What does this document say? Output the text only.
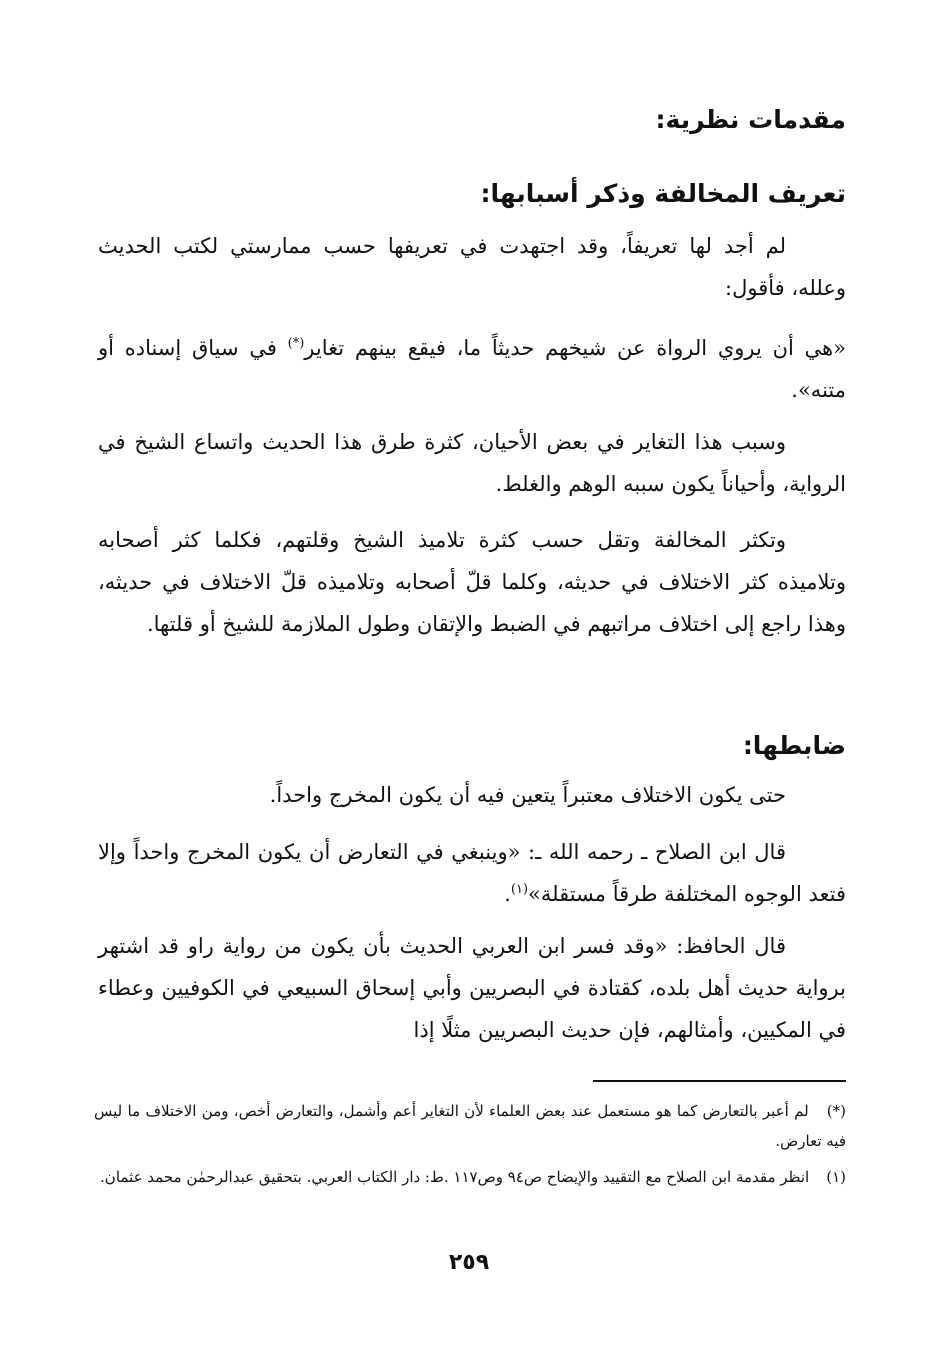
مقدمات نظرية:
تعريف المخالفة وذكر أسبابها:

لم أجد لها تعريفاً، وقد اجتهدت في تعريفها حسب ممارستي لكتب الحديث وعلله، فأقول:

«هي أن يروي الرواة عن شيخهم حديثاً ما، فيقع بينهم تغاير(*) في سياق إسناده أو متنه».

وسبب هذا التغاير في بعض الأحيان، كثرة طرق هذا الحديث واتساع الشيخ في الرواية، وأحياناً يكون سببه الوهم والغلط.

وتكثر المخالفة وتقل حسب كثرة تلاميذ الشيخ وقلتهم، فكلما كثر أصحابه وتلاميذه كثر الاختلاف في حديثه، وكلما قلّ أصحابه وتلاميذه قلّ الاختلاف في حديثه، وهذا راجع إلى اختلاف مراتبهم في الضبط والإتقان وطول الملازمة للشيخ أو قلتها.

ضابطها:

حتى يكون الاختلاف معتبراً يتعين فيه أن يكون المخرج واحداً.

قال ابن الصلاح ـ رحمه الله ـ: «وينبغي في التعارض أن يكون المخرج واحداً وإلا فتعد الوجوه المختلفة طرقاً مستقلة»$^{(١)}$.

قال الحافظ: «وقد فسر ابن العربي الحديث بأن يكون من رواية راو قد اشتهر برواية حديث أهل بلده، كقتادة في البصريين وأبي إسحاق السبيعي في الكوفيين وعطاء في المكيين، وأمثالهم، فإن حديث البصريين مثلًا إذا

(*) لم أعبر بالتعارض كما هو مستعمل عند بعض العلماء لأن التغاير أعم وأشمل، والتعارض أخص، ومن الاختلاف ما ليس فيه تعارض.

(١) انظر مقدمة ابن الصلاح مع التقييد والإيضاح ص٩٤ وص١١٧ .ط: دار الكتاب العربي. بتحقيق عبدالرحمٰن محمد عثمان.

٢٥٩
